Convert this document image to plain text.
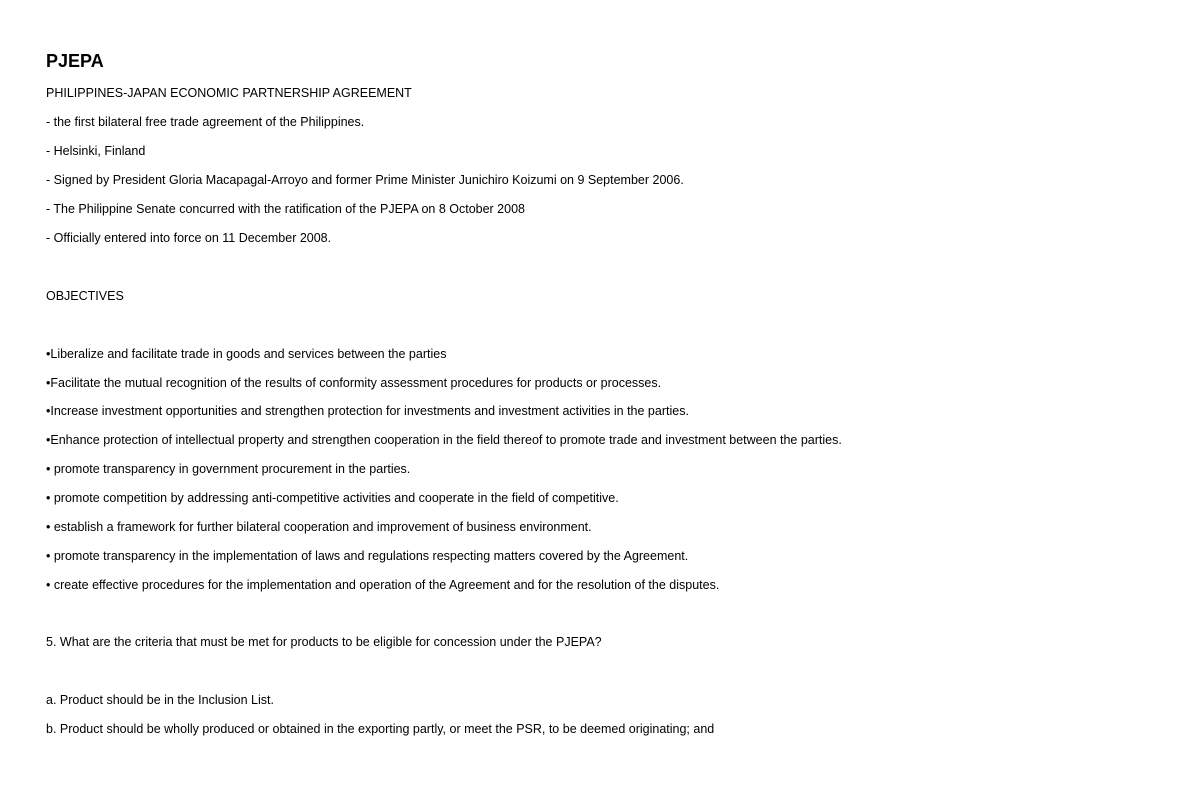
PJEPA
PHILIPPINES-JAPAN ECONOMIC PARTNERSHIP AGREEMENT
- the first bilateral free trade agreement of the Philippines.
- Helsinki, Finland
- Signed by President Gloria Macapagal-Arroyo and former Prime Minister Junichiro Koizumi on 9 September 2006.
- The Philippine Senate concurred with the ratification of the PJEPA on 8 October 2008
- Officially entered into force on 11 December 2008.
OBJECTIVES
•Liberalize and facilitate trade in goods and services between the parties
•Facilitate the mutual recognition of the results of conformity assessment procedures for products or processes.
•Increase investment opportunities and strengthen protection for investments and investment activities in the parties.
•Enhance protection of intellectual property and strengthen cooperation in the field thereof to promote trade and investment between the parties.
• promote transparency in government procurement in the parties.
• promote competition by addressing anti-competitive activities and cooperate in the field of competitive.
• establish a framework for further bilateral cooperation and improvement of business environment.
• promote transparency in the implementation of laws and regulations respecting matters covered by the Agreement.
• create effective procedures for the implementation and operation of the Agreement and for the resolution of the disputes.
5. What are the criteria that must be met for products to be eligible for concession under the PJEPA?
a. Product should be in the Inclusion List.
b. Product should be wholly produced or obtained in the exporting partly, or meet the PSR, to be deemed originating; and
